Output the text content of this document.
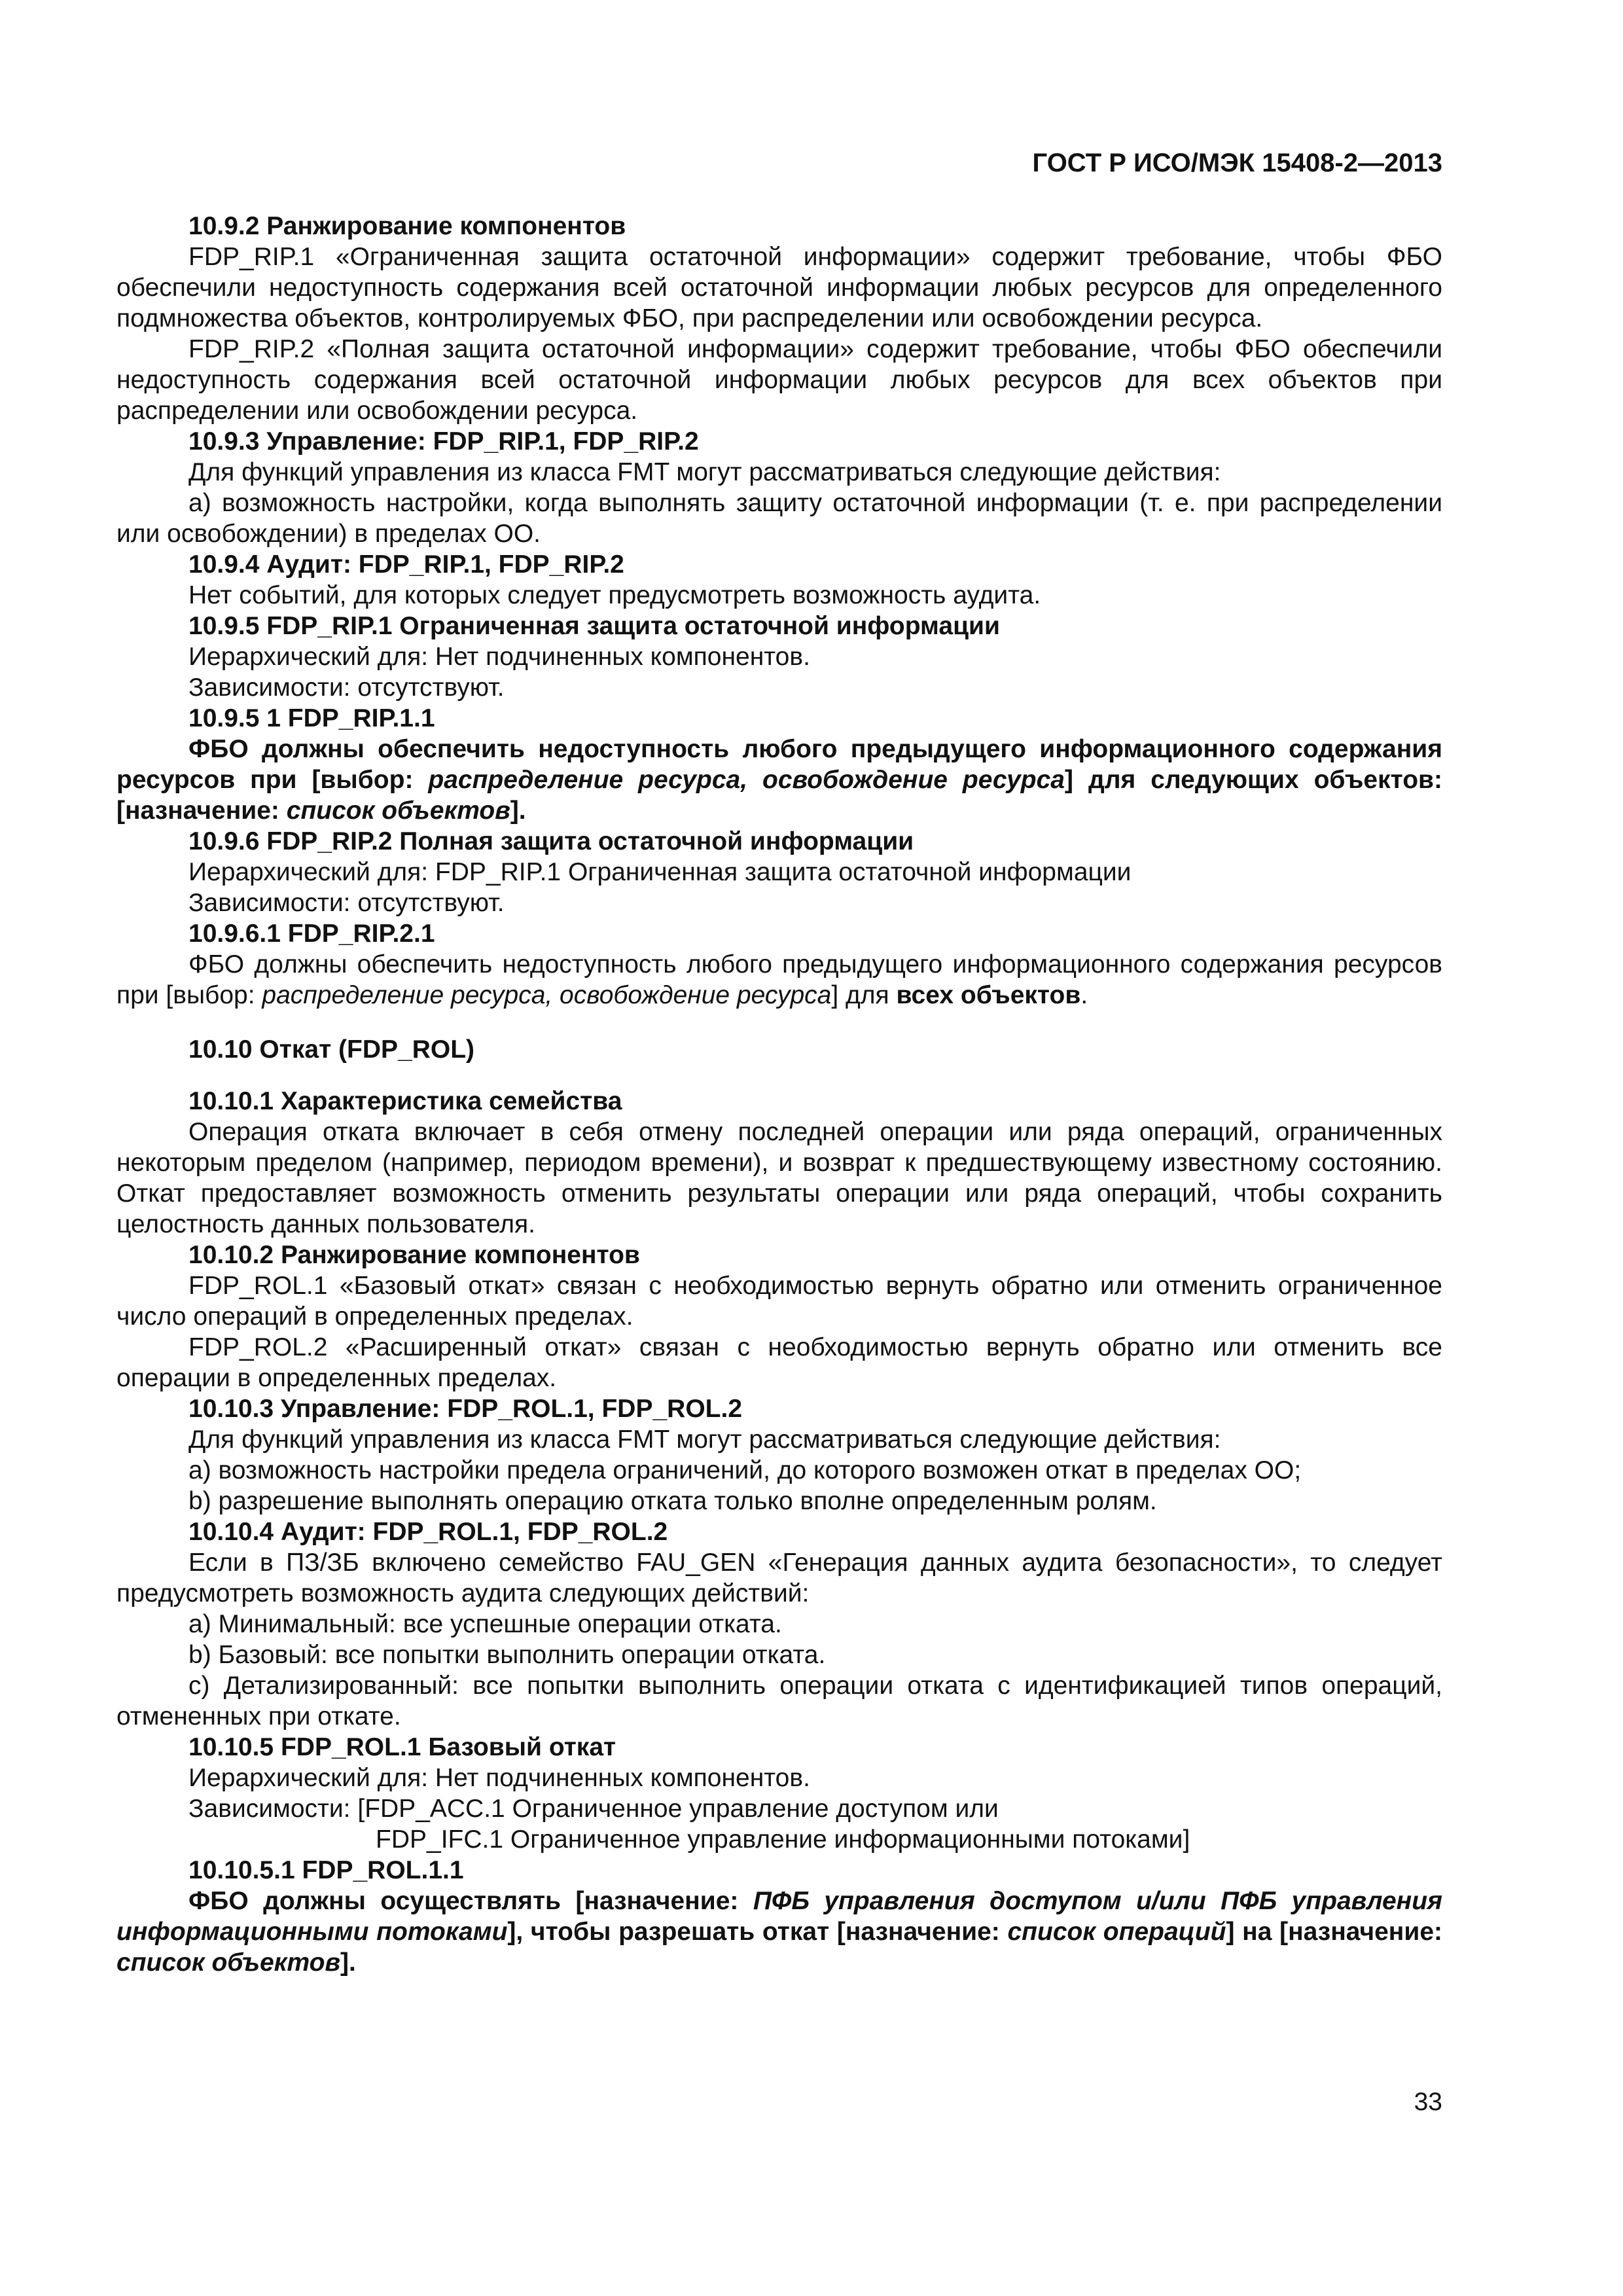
ГОСТ Р ИСО/МЭК 15408-2—2013

10.9.2 Ранжирование компонентов

FDP_RIP.1 «Ограниченная защита остаточной информации» содержит требование, чтобы ФБО обеспечили недоступность содержания всей остаточной информации любых ресурсов для определенного подмножества объектов, контролируемых ФБО, при распределении или освобождении ресурса.

FDP_RIP.2 «Полная защита остаточной информации» содержит требование, чтобы ФБО обеспечили недоступность содержания всей остаточной информации любых ресурсов для всех объектов при распределении или освобождении ресурса.

10.9.3 Управление: FDP_RIP.1, FDP_RIP.2

Для функций управления из класса FMT могут рассматриваться следующие действия:

а) возможность настройки, когда выполнять защиту остаточной информации (т. е. при распределении или освобождении) в пределах ОО.

10.9.4 Аудит: FDP_RIP.1, FDP_RIP.2

Нет событий, для которых следует предусмотреть возможность аудита.

10.9.5 FDP_RIP.1 Ограниченная защита остаточной информации

Иерархический для: Нет подчиненных компонентов.

Зависимости: отсутствуют.

10.9.5 1 FDP_RIP.1.1

ФБО должны обеспечить недоступность любого предыдущего информационного содержания ресурсов при [выбор: распределение ресурса, освобождение ресурса] для следующих объектов: [назначение: список объектов].

10.9.6 FDP_RIP.2 Полная защита остаточной информации

Иерархический для: FDP_RIP.1 Ограниченная защита остаточной информации

Зависимости: отсутствуют.

10.9.6.1 FDP_RIP.2.1

ФБО должны обеспечить недоступность любого предыдущего информационного содержания ресурсов при [выбор: распределение ресурса, освобождение ресурса] для всех объектов.

10.10 Откат (FDP_ROL)

10.10.1 Характеристика семейства

Операция отката включает в себя отмену последней операции или ряда операций, ограниченных некоторым пределом (например, периодом времени), и возврат к предшествующему известному состоянию. Откат предоставляет возможность отменить результаты операции или ряда операций, чтобы сохранить целостность данных пользователя.

10.10.2 Ранжирование компонентов

FDP_ROL.1 «Базовый откат» связан с необходимостью вернуть обратно или отменить ограниченное число операций в определенных пределах.

FDP_ROL.2 «Расширенный откат» связан с необходимостью вернуть обратно или отменить все операции в определенных пределах.

10.10.3 Управление: FDP_ROL.1, FDP_ROL.2

Для функций управления из класса FMT могут рассматриваться следующие действия:

а) возможность настройки предела ограничений, до которого возможен откат в пределах ОО;

b) разрешение выполнять операцию отката только вполне определенным ролям.

10.10.4 Аудит: FDP_ROL.1, FDP_ROL.2

Если в ПЗ/ЗБ включено семейство FAU_GEN «Генерация данных аудита безопасности», то следует предусмотреть возможность аудита следующих действий:

а) Минимальный: все успешные операции отката.

b) Базовый: все попытки выполнить операции отката.

с) Детализированный: все попытки выполнить операции отката с идентификацией типов операций, отмененных при откате.

10.10.5 FDP_ROL.1 Базовый откат

Иерархический для: Нет подчиненных компонентов.

Зависимости: [FDP_ACC.1 Ограниченное управление доступом или

FDP_IFC.1 Ограниченное управление информационными потоками]

10.10.5.1 FDP_ROL.1.1

ФБО должны осуществлять [назначение: ПФБ управления доступом и/или ПФБ управления информационными потоками], чтобы разрешать откат [назначение: список операций] на [назначение: список объектов].

33
